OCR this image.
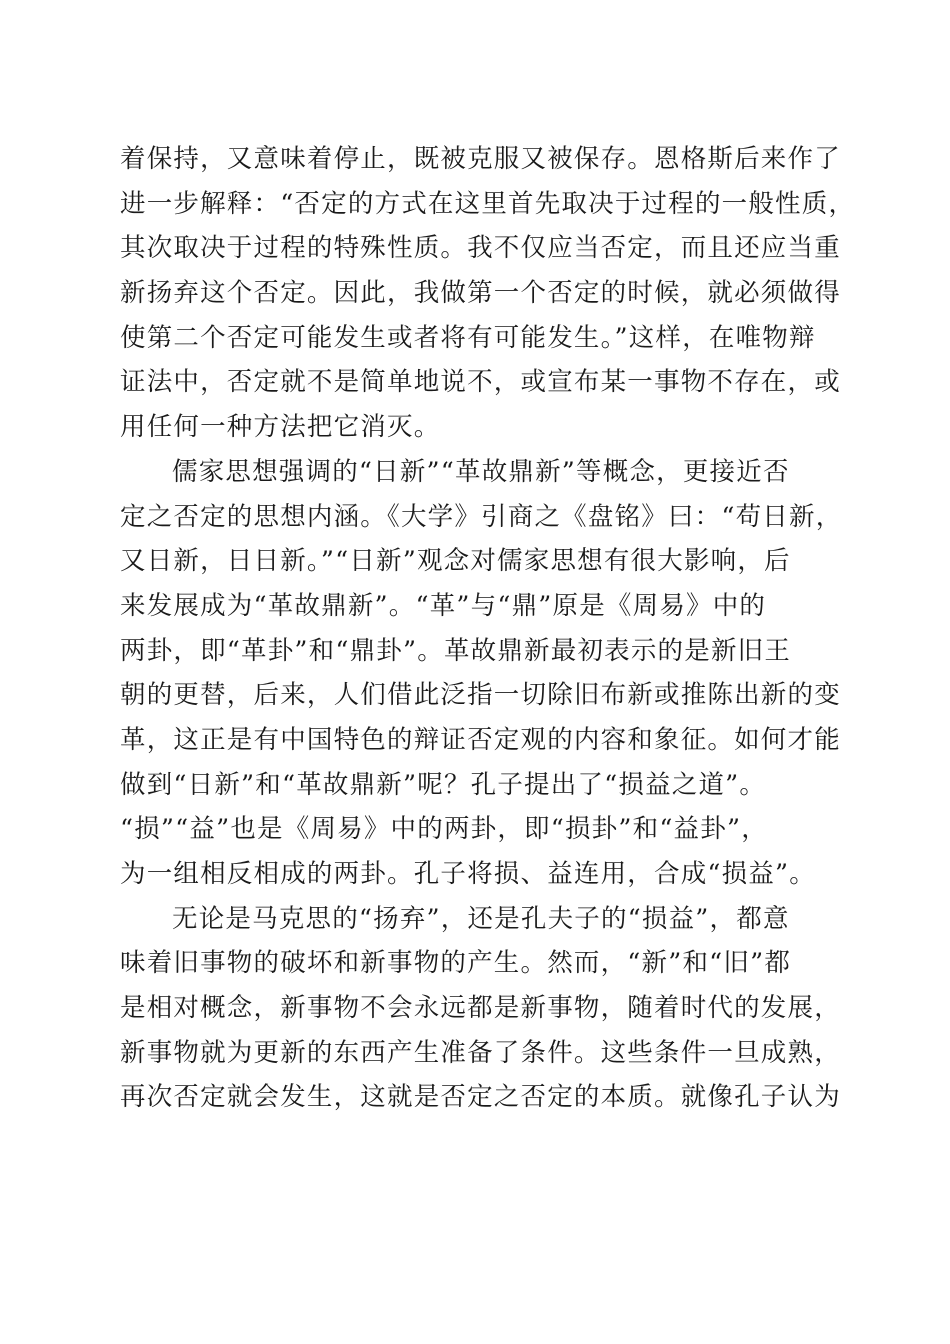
着保持，又意味着停止，既被克服又被保存。恩格斯后来作了
进一步解释：“否定的方式在这里首先取决于过程的一般性质，
其次取决于过程的特殊性质。我不仅应当否定，而且还应当重
新扬弃这个否定。因此，我做第一个否定的时候，就必须做得
使第二个否定可能发生或者将有可能发生。”这样，在唯物辩
证法中，否定就不是简单地说不，或宣布某一事物不存在，或
用任何一种方法把它消灭。
儒家思想强调的“日新”“革故鼎新”等概念，更接近否
定之否定的思想内涵。《大学》引商之《盘铭》曰：“苟日新，
又日新，日日新。”“日新”观念对儒家思想有很大影响，后
来发展成为“革故鼎新”。“革”与“鼎”原是《周易》中的
两卦，即“革卦”和“鼎卦”。革故鼎新最初表示的是新旧王
朝的更替，后来，人们借此泛指一切除旧布新或推陈出新的变
革，这正是有中国特色的辩证否定观的内容和象征。如何才能
做到“日新”和“革故鼎新”呢？孔子提出了“损益之道”。
“损”“益”也是《周易》中的两卦，即“损卦”和“益卦”，
为一组相反相成的两卦。孔子将损、益连用，合成“损益”。
无论是马克思的“扬弃”，还是孔夫子的“损益”，都意
味着旧事物的破坏和新事物的产生。然而，“新”和“旧”都
是相对概念，新事物不会永远都是新事物，随着时代的发展，
新事物就为更新的东西产生准备了条件。这些条件一旦成熟，
再次否定就会发生，这就是否定之否定的本质。就像孔子认为
